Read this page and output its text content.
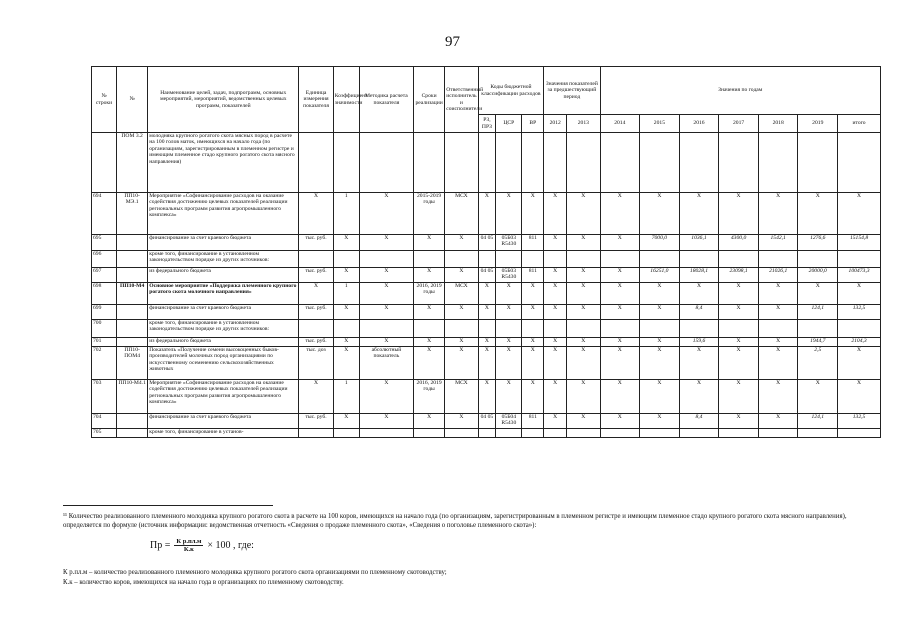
97
№ строки	№	Наименование целей, задач, подпрограмм, основных мероприятий, мероприятий, ведомственных целевых программ, показателей	Единица измерения показателя	Коэффициент значимости	Методика расчета показателя	Сроки реализации	Ответственный исполнитель и соисполнители	Коды бюджетной классификации расходов			Значения показателей за предшествующий период		Значения по годам						
								РЗ, ПРЗ	ЦСР	ВР	2012	2013	2014	2015	2016	2017	2018	2019	итого
	ПОМ 3.2	молодняка крупного рогатого скота мясных пород в расчете на 100 голов маток, имеющихся на начало года (по организациям, зарегистрированным в племенном регистре и имеющим племенное стадо крупного рогатого скота мясного направления)																	
694	ПП10-МЭ.1	Мероприятие «Софинансирование расходов на оказание содействия достижению целевых показателей реализации региональных программ развития агропромышленного комплекса»	Х	1	Х	2015-2019 годы	МСХ	Х	Х	Х	Х	Х	Х	Х	Х	Х	Х	Х	Х
695		финансирование за счет краевого бюджета	тыс. руб.	Х	Х	Х	Х	04 05	05Б03 R5430	811	Х	Х	Х	7000,0	1036,1	4300,0	1542,1	1276,6	15154,8
696		кроме того, финансирование в установленном законодательством порядке из других источников:																	
697		из федерального бюджета	тыс. руб.	Х	Х	Х	Х	04 05	05Б03 R5430	811	Х	Х	Х	16251,0	18028,1	23098,1	21026,1	20000,0	100473,3
698	ПП10-М4	Основное мероприятие «Поддержка племенного крупного рогатого скота молочного направления»	Х	1	Х	2016, 2019 годы	МСХ	Х	Х	Х	Х	Х	Х	Х	Х	Х	Х	Х	Х
699		финансирование за счет краевого бюджета	тыс. руб.	Х	Х	Х	Х	Х	Х	Х	Х	Х	Х	Х	8,4	Х	Х	124,1	132,5
700		кроме того, финансирование в установленном законодательством порядке из других источников:																	
701		из федерального бюджета	тыс. руб.	Х	Х	Х	Х	Х	Х	Х	Х	Х	Х	Х	159,6	Х	Х	1944,7	2104,3
702	ПП10-ПОМ4	Показатель «Получение семени высокоценных быков-производителей молочных пород организациями по искусственному осеменению сельскохозяйственных животных	тыс. доз	Х	абсолютный показатель	Х	Х	Х	Х	Х	Х	Х	Х	Х	Х	Х	Х	2,5	Х
703	ПП10-М4.1	Мероприятие «Софинансирование расходов на оказание содействия достижению целевых показателей реализации региональных программ развития агропромышленного комплекса»	Х	1	Х	2016, 2019 годы	МСХ	Х	Х	Х	Х	Х	Х	Х	Х	Х	Х	Х	Х
704		финансирование за счет краевого бюджета	тыс. руб.	Х	Х	Х	Х	04 05	05Б04 R5430	811	Х	Х	Х	Х	8,4	Х	Х	124,1	132,5
705		кроме того, финансирование в установ-																	
¹¹ Количество реализованного племенного молодняка крупного рогатого скота в расчете на 100 коров, имеющихся на начало года (по организациям, зарегистрированным в племенном регистре и имеющим племенное стадо крупного рогатого скота мясного направления), определяется по формуле (источник информации: ведомственная отчетность «Сведения о продаже племенного скота», «Сведения о поголовье племенного скота»):
Пр = $\frac{\text{К р.пл.м}}{К.к} \times 100$ , где:
К р.пл.м – количество реализованного племенного молодняка крупного рогатого скота организациями по племенному скотоводству;
К.к – количество коров, имеющихся на начало года в организациях по племенному скотоводству.
